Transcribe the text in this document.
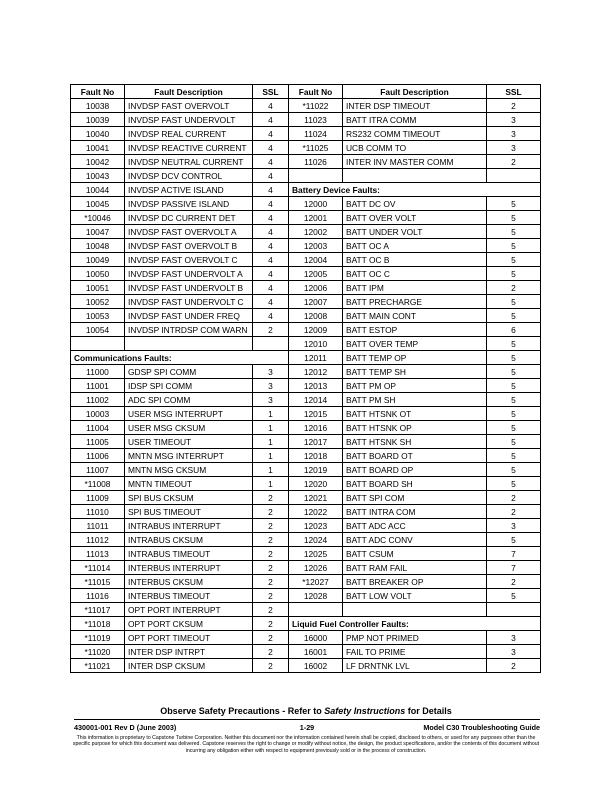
Fault No	Fault Description	SSL	Fault No	Fault Description	SSL
10038	INVDSP FAST OVERVOLT	4	*11022	INTER DSP TIMEOUT	2
10039	INVDSP FAST UNDERVOLT	4	11023	BATT ITRA COMM	3
10040	INVDSP REAL CURRENT	4	11024	RS232 COMM TIMEOUT	3
10041	INVDSP REACTIVE CURRENT	4	*11025	UCB COMM TO	3
10042	INVDSP NEUTRAL CURRENT	4	11026	INTER INV MASTER COMM	2
10043	INVDSP DCV CONTROL	4			
10044	INVDSP ACTIVE ISLAND	4	Battery Device Faults:		
10045	INVDSP PASSIVE ISLAND	4	12000	BATT DC OV	5
*10046	INVDSP DC CURRENT DET	4	12001	BATT OVER VOLT	5
10047	INVDSP FAST OVERVOLT A	4	12002	BATT UNDER VOLT	5
10048	INVDSP FAST OVERVOLT B	4	12003	BATT OC A	5
10049	INVDSP FAST OVERVOLT C	4	12004	BATT OC B	5
10050	INVDSP FAST UNDERVOLT A	4	12005	BATT OC C	5
10051	INVDSP FAST UNDERVOLT B	4	12006	BATT IPM	2
10052	INVDSP FAST UNDERVOLT C	4	12007	BATT PRECHARGE	5
10053	INVDSP FAST UNDER FREQ	4	12008	BATT MAIN CONT	5
10054	INVDSP INTRDSP COM WARN	2	12009	BATT ESTOP	6
			12010	BATT OVER TEMP	5
Communications Faults:			12011	BATT TEMP OP	5
11000	GDSP SPI COMM	3	12012	BATT TEMP SH	5
11001	IDSP SPI COMM	3	12013	BATT PM OP	5
11002	ADC SPI COMM	3	12014	BATT PM SH	5
10003	USER MSG INTERRUPT	1	12015	BATT HTSNK OT	5
11004	USER MSG CKSUM	1	12016	BATT HTSNK OP	5
11005	USER TIMEOUT	1	12017	BATT HTSNK SH	5
11006	MNTN MSG INTERRUPT	1	12018	BATT BOARD OT	5
11007	MNTN MSG CKSUM	1	12019	BATT BOARD OP	5
*11008	MNTN TIMEOUT	1	12020	BATT BOARD SH	5
11009	SPI BUS CKSUM	2	12021	BATT SPI COM	2
11010	SPI BUS TIMEOUT	2	12022	BATT INTRA COM	2
11011	INTRABUS INTERRUPT	2	12023	BATT ADC ACC	3
11012	INTRABUS CKSUM	2	12024	BATT ADC CONV	5
11013	INTRABUS TIMEOUT	2	12025	BATT CSUM	7
*11014	INTERBUS INTERRUPT	2	12026	BATT RAM FAIL	7
*11015	INTERBUS CKSUM	2	*12027	BATT BREAKER OP	2
11016	INTERBUS TIMEOUT	2	12028	BATT LOW VOLT	5
*11017	OPT PORT INTERRUPT	2			
*11018	OPT PORT CKSUM	2	Liquid Fuel Controller Faults:		
*11019	OPT PORT TIMEOUT	2	16000	PMP NOT PRIMED	3
*11020	INTER DSP INTRPT	2	16001	FAIL TO PRIME	3
*11021	INTER DSP CKSUM	2	16002	LF DRNTNK LVL	2
Observe Safety Precautions - Refer to Safety Instructions for Details
430001-001 Rev D (June 2003)	1-29	Model C30 Troubleshooting Guide
This information is proprietary to Capstone Turbine Corporation. Neither this document nor the information contained herein shall be copied, disclosed to others, or used for any purposes other than the specific purpose for which this document was delivered. Capstone reserves the right to change or modify without notice, the design, the product specifications, and/or the contents of this document without incurring any obligation either with respect to equipment previously sold or in the process of construction.
